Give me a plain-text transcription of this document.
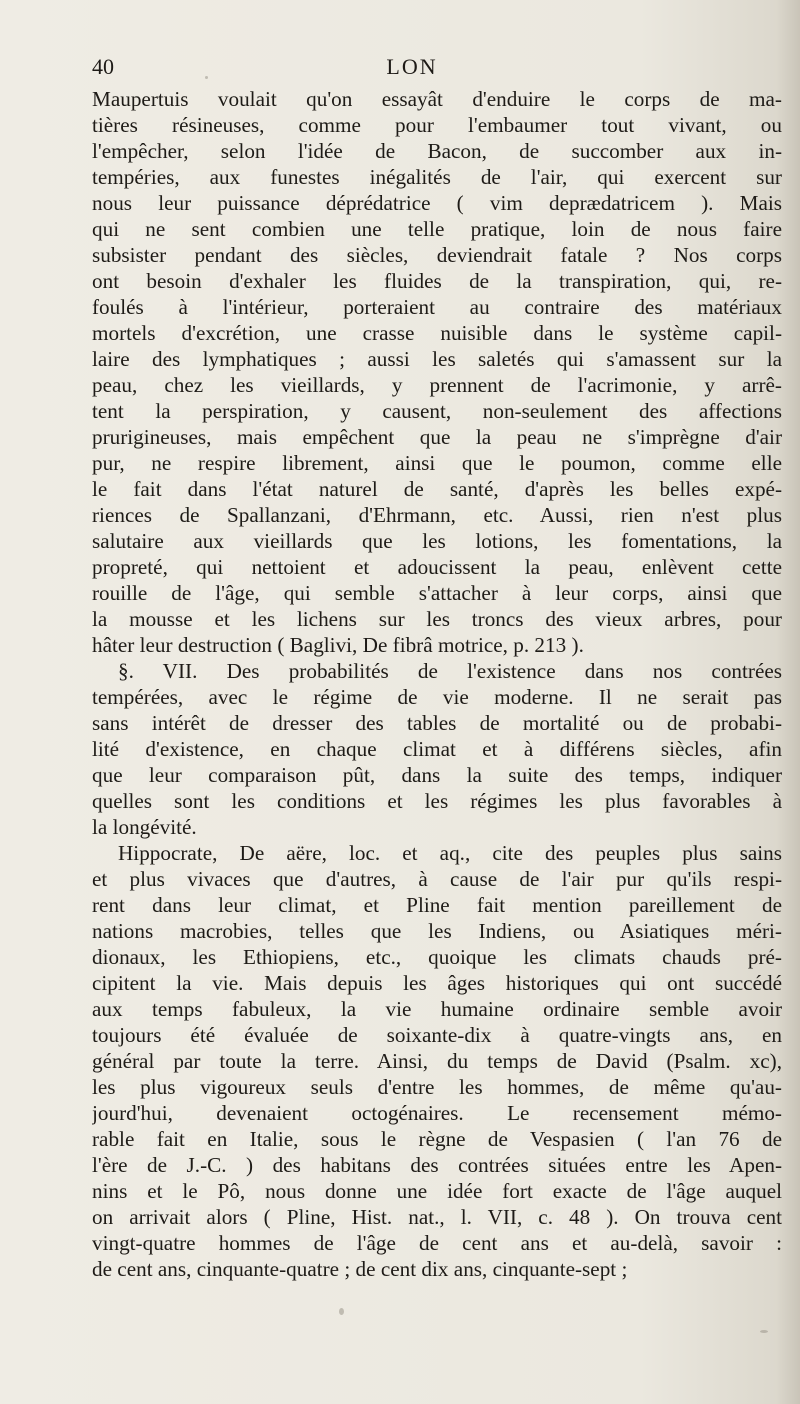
40	LON
Maupertuis voulait qu'on essayât d'enduire le corps de ma-
tières résineuses, comme pour l'embaumer tout vivant, ou
l'empêcher, selon l'idée de Bacon, de succomber aux in-
tempéries, aux funestes inégalités de l'air, qui exercent sur
nous leur puissance déprédatrice ( vim deprædatricem ). Mais
qui ne sent combien une telle pratique, loin de nous faire
subsister pendant des siècles, deviendrait fatale ? Nos corps
ont besoin d'exhaler les fluides de la transpiration, qui, re-
foulés à l'intérieur, porteraient au contraire des matériaux
mortels d'excrétion, une crasse nuisible dans le système capil-
laire des lymphatiques ; aussi les saletés qui s'amassent sur la
peau, chez les vieillards, y prennent de l'acrimonie, y arrê-
tent la perspiration, y causent, non-seulement des affections
prurigineuses, mais empêchent que la peau ne s'imprègne d'air
pur, ne respire librement, ainsi que le poumon, comme elle
le fait dans l'état naturel de santé, d'après les belles expé-
riences de Spallanzani, d'Ehrmann, etc. Aussi, rien n'est plus
salutaire aux vieillards que les lotions, les fomentations, la
propreté, qui nettoient et adoucissent la peau, enlèvent cette
rouille de l'âge, qui semble s'attacher à leur corps, ainsi que
la mousse et les lichens sur les troncs des vieux arbres, pour
hâter leur destruction ( Baglivi, De fibrâ motrice, p. 213 ).
§. VII. Des probabilités de l'existence dans nos contrées
tempérées, avec le régime de vie moderne. Il ne serait pas
sans intérêt de dresser des tables de mortalité ou de probabi-
lité d'existence, en chaque climat et à différens siècles, afin
que leur comparaison pût, dans la suite des temps, indiquer
quelles sont les conditions et les régimes les plus favorables à
la longévité.
Hippocrate, De aëre, loc. et aq., cite des peuples plus sains
et plus vivaces que d'autres, à cause de l'air pur qu'ils respi-
rent dans leur climat, et Pline fait mention pareillement de
nations macrobies, telles que les Indiens, ou Asiatiques méri-
dionaux, les Ethiopiens, etc., quoique les climats chauds pré-
cipitent la vie. Mais depuis les âges historiques qui ont succédé
aux temps fabuleux, la vie humaine ordinaire semble avoir
toujours été évaluée de soixante-dix à quatre-vingts ans, en
général par toute la terre. Ainsi, du temps de David (Psalm. xc),
les plus vigoureux seuls d'entre les hommes, de même qu'au-
jourd'hui, devenaient octogénaires. Le recensement mémo-
rable fait en Italie, sous le règne de Vespasien ( l'an 76 de
l'ère de J.-C. ) des habitans des contrées situées entre les Apen-
nins et le Pô, nous donne une idée fort exacte de l'âge auquel
on arrivait alors ( Pline, Hist. nat., l. VII, c. 48 ). On trouva cent
vingt-quatre hommes de l'âge de cent ans et au-delà, savoir :
de cent ans, cinquante-quatre ; de cent dix ans, cinquante-sept ;
